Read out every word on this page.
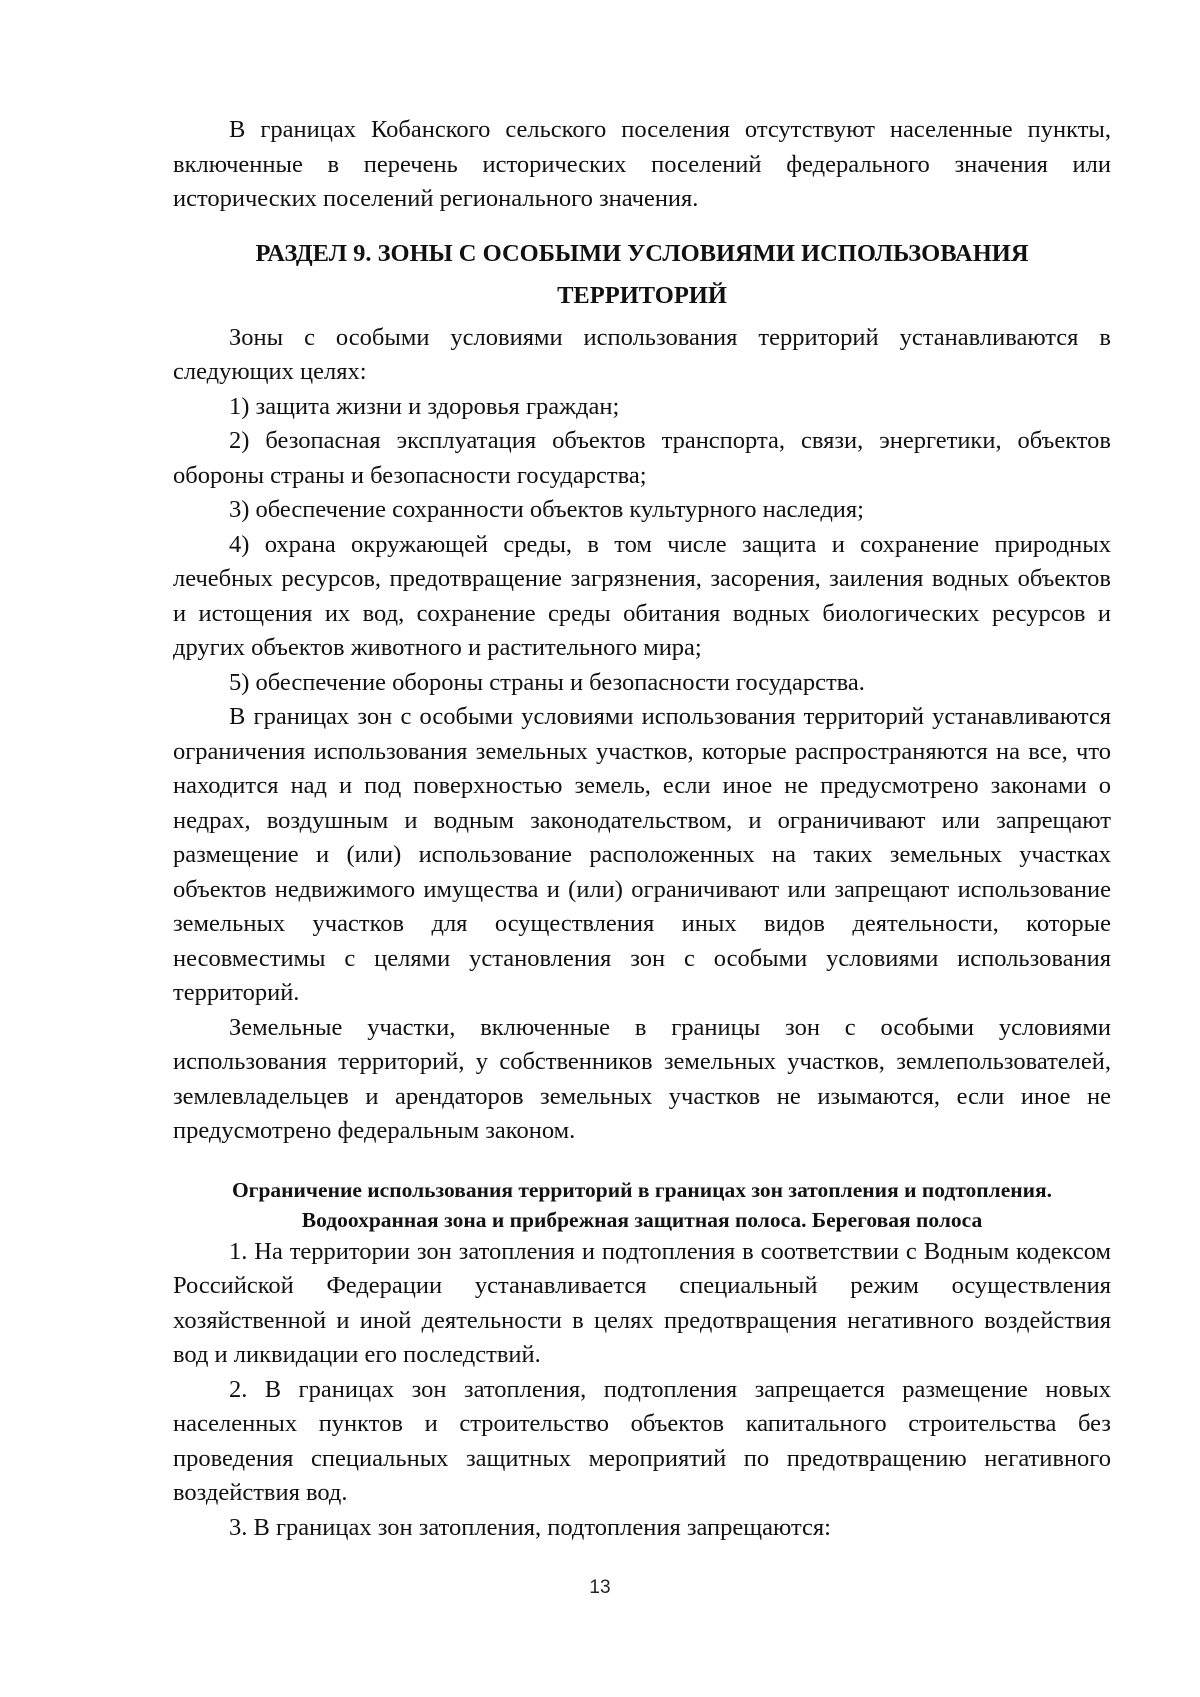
В границах Кобанского сельского поселения отсутствуют населенные пункты, включенные в перечень исторических поселений федерального значения или исторических поселений регионального значения.

РАЗДЕЛ 9. ЗОНЫ С ОСОБЫМИ УСЛОВИЯМИ ИСПОЛЬЗОВАНИЯ
ТЕРРИТОРИЙ

Зоны с особыми условиями использования территорий устанавливаются в следующих целях:

1) защита жизни и здоровья граждан;

2) безопасная эксплуатация объектов транспорта, связи, энергетики, объектов обороны страны и безопасности государства;

3) обеспечение сохранности объектов культурного наследия;

4) охрана окружающей среды, в том числе защита и сохранение природных лечебных ресурсов, предотвращение загрязнения, засорения, заиления водных объектов и истощения их вод, сохранение среды обитания водных биологических ресурсов и других объектов животного и растительного мира;

5) обеспечение обороны страны и безопасности государства.

В границах зон с особыми условиями использования территорий устанавливаются ограничения использования земельных участков, которые распространяются на все, что находится над и под поверхностью земель, если иное не предусмотрено законами о недрах, воздушным и водным законодательством, и ограничивают или запрещают размещение и (или) использование расположенных на таких земельных участках объектов недвижимого имущества и (или) ограничивают или запрещают использование земельных участков для осуществления иных видов деятельности, которые несовместимы с целями установления зон с особыми условиями использования территорий.

Земельные участки, включенные в границы зон с особыми условиями использования территорий, у собственников земельных участков, землепользователей, землевладельцев и арендаторов земельных участков не изымаются, если иное не предусмотрено федеральным законом.

Ограничение использования территорий в границах зон затопления и подтопления.
Водоохранная зона и прибрежная защитная полоса. Береговая полоса

1. На территории зон затопления и подтопления в соответствии с Водным кодексом Российской Федерации устанавливается специальный режим осуществления хозяйственной и иной деятельности в целях предотвращения негативного воздействия вод и ликвидации его последствий.

2. В границах зон затопления, подтопления запрещается размещение новых населенных пунктов и строительство объектов капитального строительства без проведения специальных защитных мероприятий по предотвращению негативного воздействия вод.

3. В границах зон затопления, подтопления запрещаются:

13
